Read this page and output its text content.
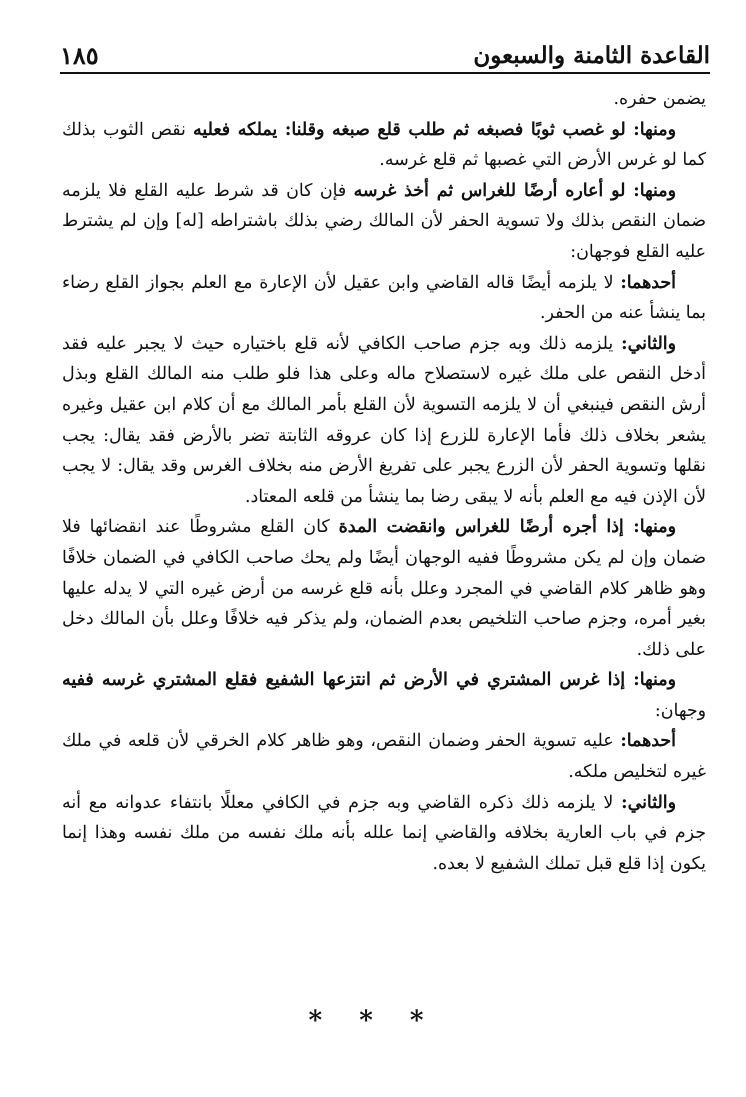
القاعدة الثامنة والسبعون
١٨٥

يضمن حفره.

ومنها: لو غصب ثوبًا فصبغه ثم طلب قلع صبغه وقلنا: يملكه فعليه نقص الثوب بذلك كما لو غرس الأرض التي غصبها ثم قلع غرسه.

ومنها: لو أعاره أرضًا للغراس ثم أخذ غرسه فإن كان قد شرط عليه القلع فلا يلزمه ضمان النقص بذلك ولا تسوية الحفر لأن المالك رضي بذلك باشتراطه [له] وإن لم يشترط عليه القلع فوجهان:

أحدهما: لا يلزمه أيضًا قاله القاضي وابن عقيل لأن الإعارة مع العلم بجواز القلع رضاء بما ينشأ عنه من الحفر.

والثاني: يلزمه ذلك وبه جزم صاحب الكافي لأنه قلع باختياره حيث لا يجبر عليه فقد أدخل النقص على ملك غيره لاستصلاح ماله وعلى هذا فلو طلب منه المالك القلع وبذل أرش النقص فينبغي أن لا يلزمه التسوية لأن القلع بأمر المالك مع أن كلام ابن عقيل وغيره يشعر بخلاف ذلك فأما الإعارة للزرع إذا كان عروقه الثابتة تضر بالأرض فقد يقال: يجب نقلها وتسوية الحفر لأن الزرع يجبر على تفريغ الأرض منه بخلاف الغرس وقد يقال: لا يجب لأن الإذن فيه مع العلم بأنه لا يبقى رضا بما ينشأ من قلعه المعتاد.

ومنها: إذا أجره أرضًا للغراس وانقضت المدة كان القلع مشروطًا عند انقضائها فلا ضمان وإن لم يكن مشروطًا ففيه الوجهان أيضًا ولم يحك صاحب الكافي في الضمان خلافًا وهو ظاهر كلام القاضي في المجرد وعلل بأنه قلع غرسه من أرض غيره التي لا يدله عليها بغير أمره، وجزم صاحب التلخيص بعدم الضمان، ولم يذكر فيه خلافًا وعلل بأن المالك دخل على ذلك.

ومنها: إذا غرس المشتري في الأرض ثم انتزعها الشفيع فقلع المشتري غرسه ففيه وجهان:

أحدهما: عليه تسوية الحفر وضمان النقص، وهو ظاهر كلام الخرقي لأن قلعه في ملك غيره لتخليص ملكه.

والثاني: لا يلزمه ذلك ذكره القاضي وبه جزم في الكافي معللًا بانتفاء عدوانه مع أنه جزم في باب العارية بخلافه والقاضي إنما علله بأنه ملك نفسه من ملك نفسه وهذا إنما يكون إذا قلع قبل تملك الشفيع لا بعده.

* * *
